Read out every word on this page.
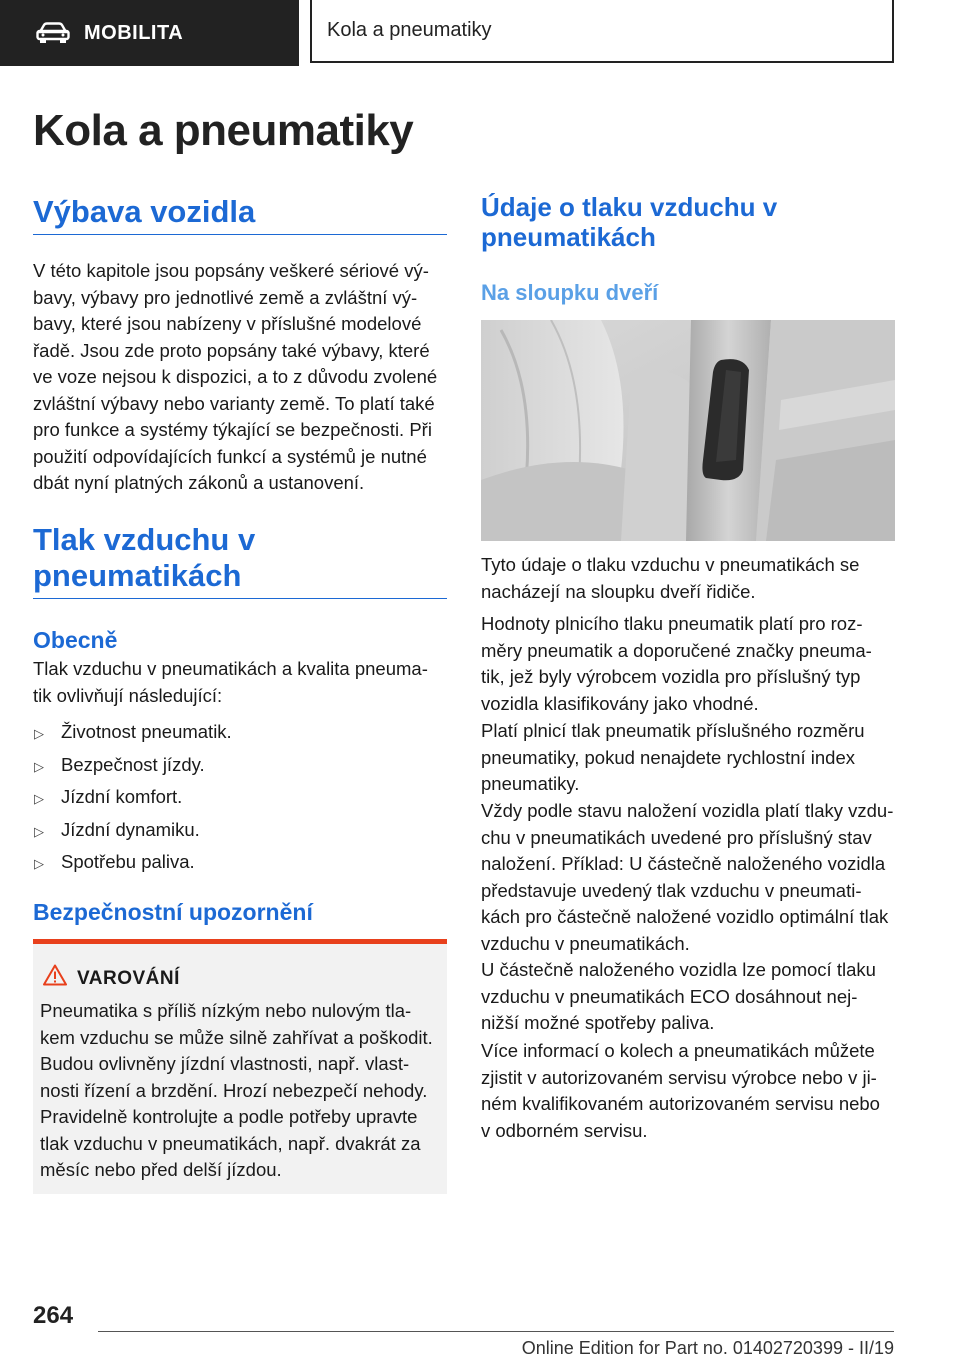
MOBILITA	Kola a pneumatiky
Kola a pneumatiky
Výbava vozidla
V této kapitole jsou popsány veškeré sériové vý‐
bavy, výbavy pro jednotlivé země a zvláštní vý‐
bavy, které jsou nabízeny v příslušné modelové
řadě. Jsou zde proto popsány také výbavy, které
ve voze nejsou k dispozici, a to z důvodu zvolené
zvláštní výbavy nebo varianty země. To platí také
pro funkce a systémy týkající se bezpečnosti. Při
použití odpovídajících funkcí a systémů je nutné
dbát nyní platných zákonů a ustanovení.
Tlak vzduchu v
pneumatikách
Obecně
Tlak vzduchu v pneumatikách a kvalita pneuma‐
tik ovlivňují následující:
▷ Životnost pneumatik.
▷ Bezpečnost jízdy.
▷ Jízdní komfort.
▷ Jízdní dynamiku.
▷ Spotřebu paliva.
Bezpečnostní upozornění
VAROVÁNÍ
Pneumatika s příliš nízkým nebo nulovým tla‐
kem vzduchu se může silně zahřívat a poškodit.
Budou ovlivněny jízdní vlastnosti, např. vlast‐
nosti řízení a brzdění. Hrozí nebezpečí nehody.
Pravidelně kontrolujte a podle potřeby upravte
tlak vzduchu v pneumatikách, např. dvakrát za
měsíc nebo před delší jízdou.
Údaje o tlaku vzduchu v
pneumatikách
Na sloupku dveří
Tyto údaje o tlaku vzduchu v pneumatikách se
nacházejí na sloupku dveří řidiče.
Hodnoty plnicího tlaku pneumatik platí pro roz‐
měry pneumatik a doporučené značky pneuma‐
tik, jež byly výrobcem vozidla pro příslušný typ
vozidla klasifikovány jako vhodné.
Platí plnicí tlak pneumatik příslušného rozměru
pneumatiky, pokud nenajdete rychlostní index
pneumatiky.
Vždy podle stavu naložení vozidla platí tlaky vzdu‐
chu v pneumatikách uvedené pro příslušný stav
naložení. Příklad: U částečně naloženého vozidla
představuje uvedený tlak vzduchu v pneumati‐
kách pro částečně naložené vozidlo optimální tlak
vzduchu v pneumatikách.
U částečně naloženého vozidla lze pomocí tlaku
vzduchu v pneumatikách ECO dosáhnout nej‐
nižší možné spotřeby paliva.
Více informací o kolech a pneumatikách můžete
zjistit v autorizovaném servisu výrobce nebo v ji‐
ném kvalifikovaném autorizovaném servisu nebo
v odborném servisu.
264
Online Edition for Part no. 01402720399 - II/19
